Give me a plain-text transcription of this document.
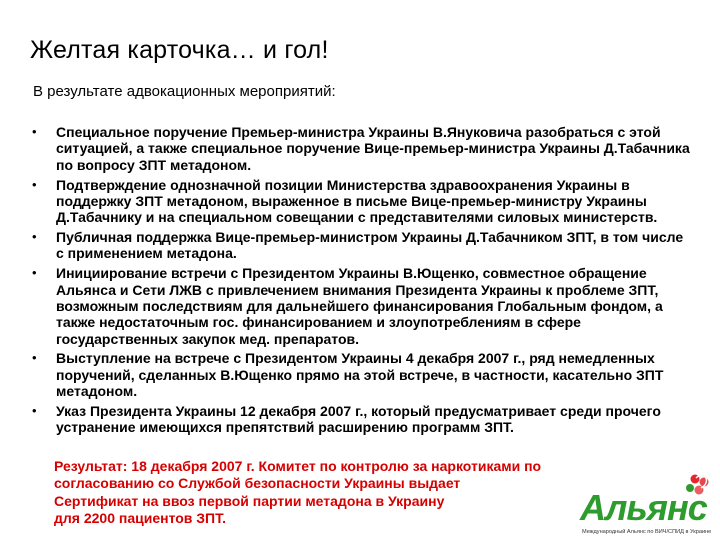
Желтая карточка… и гол!
В результате адвокационных мероприятий:
• Специальное поручение Премьер-министра Украины В.Януковича разобраться с этой ситуацией, а также специальное поручение Вице-премьер-министра Украины Д.Табачника по вопросу ЗПТ метадоном.
• Подтверждение однозначной позиции Министерства здравоохранения Украины в поддержку ЗПТ метадоном, выраженное в письме Вице-премьер-министру Украины Д.Табачнику и на специальном совещании с представителями силовых министерств.
• Публичная поддержка Вице-премьер-министром Украины Д.Табачником ЗПТ, в том числе с применением метадона.
• Инициирование встречи с Президентом Украины В.Ющенко, совместное обращение Альянса и Сети ЛЖВ с привлечением внимания Президента Украины к проблеме ЗПТ, возможным последствиям для дальнейшего финансирования Глобальным фондом, а также недостаточным гос. финансированием и злоупотреблениям в сфере государственных закупок мед. препаратов.
• Выступление на встрече с Президентом Украины 4 декабря 2007 г., ряд немедленных поручений, сделанных В.Ющенко прямо на этой встрече, в частности, касательно ЗПТ метадоном.
• Указ Президента Украины 12 декабря 2007 г., который предусматривает среди прочего устранение имеющихся препятствий расширению программ ЗПТ.

Результат: 18 декабря 2007 г. Комитет по контролю за наркотиками по согласованию со Службой безопасности Украины выдает

Сертификат на ввоз первой партии метадона в Украину

для 2200 пациентов ЗПТ.	Альянс
Международный Альянс по ВИЧ/СПИД в Украине
